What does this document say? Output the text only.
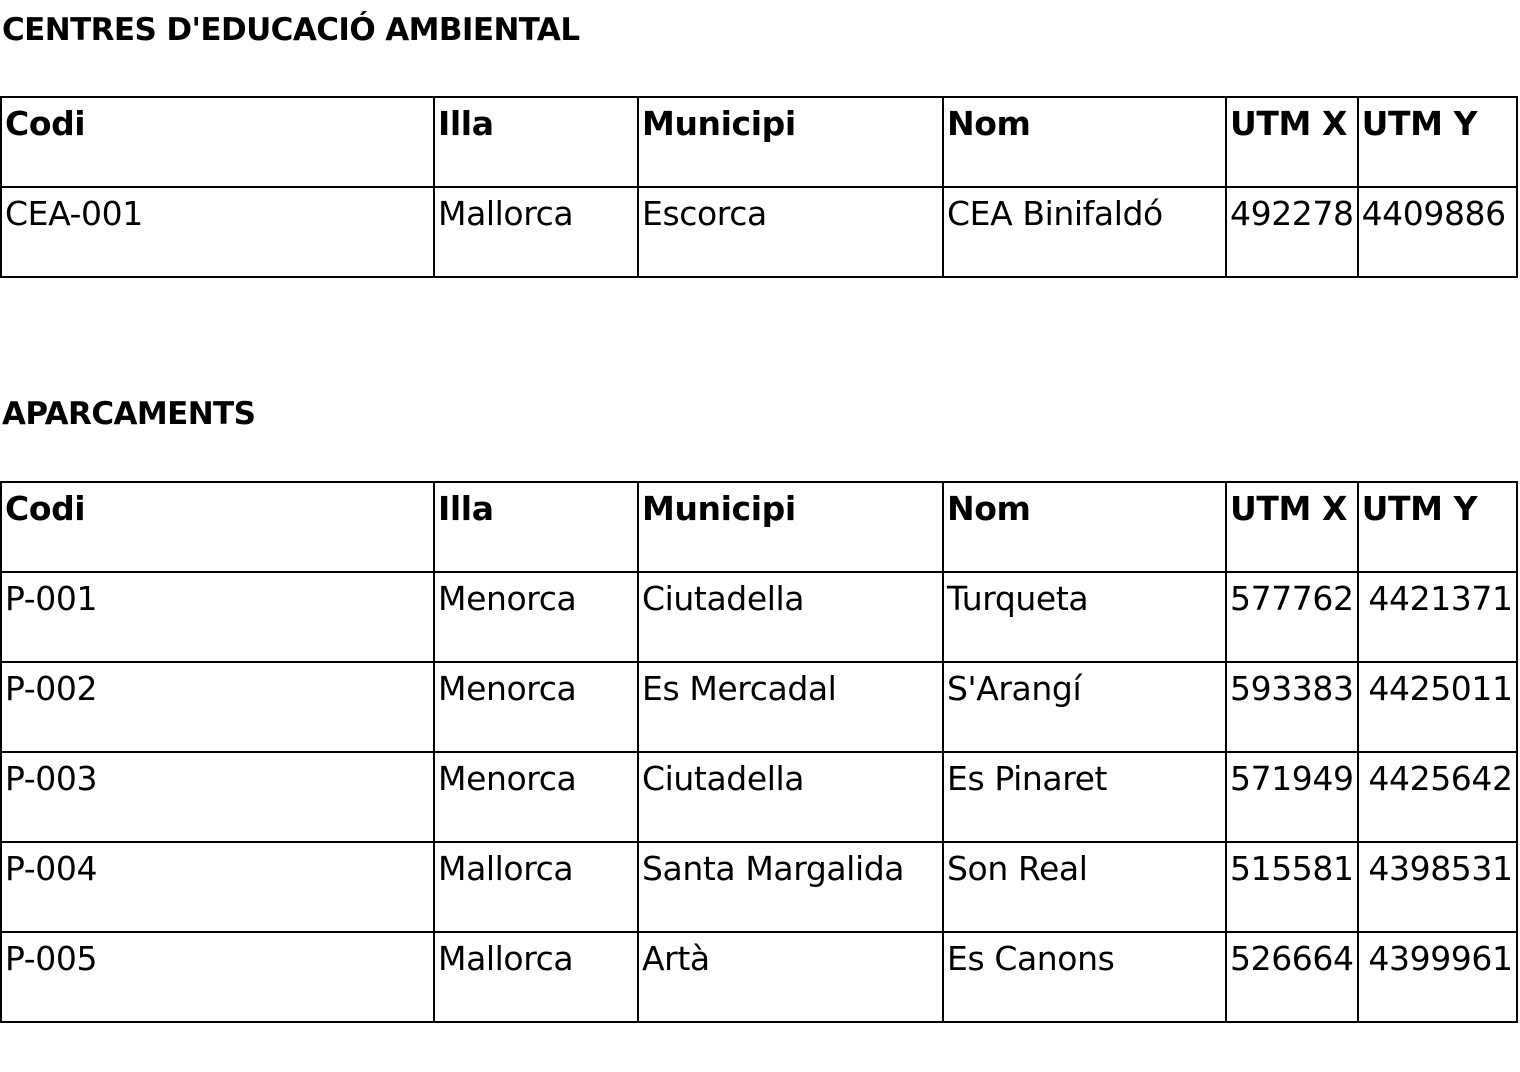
CENTRES D'EDUCACIÓ AMBIENTAL
Codi	Illa	Municipi	Nom	UTM X	UTM Y
CEA-001	Mallorca	Escorca	CEA Binifaldó	492278	4409886
APARCAMENTS
Codi	Illa	Municipi	Nom	UTM X	UTM Y
P-001	Menorca	Ciutadella	Turqueta	577762	4421371
P-002	Menorca	Es Mercadal	S'Arangí	593383	4425011
P-003	Menorca	Ciutadella	Es Pinaret	571949	4425642
P-004	Mallorca	Santa Margalida	Son Real	515581	4398531
P-005	Mallorca	Artà	Es Canons	526664	4399961
